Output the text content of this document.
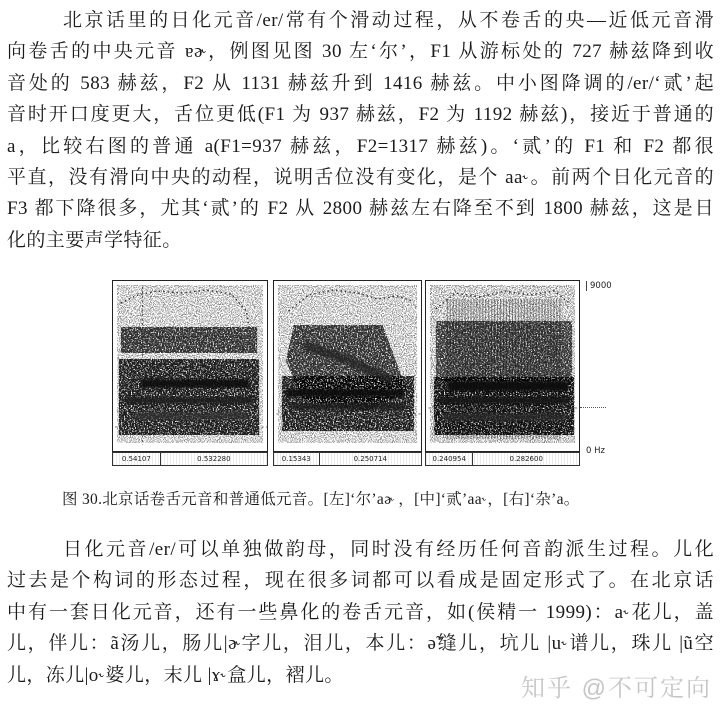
北京话里的日化元音/er/常有个滑动过程，从不卷舌的央—近低元音滑
向卷舌的中央元音 ɐɚ，例图见图 30 左‘尔’，F1 从游标处的 727 赫兹降到收
音处的 583 赫兹，F2 从 1131 赫兹升到 1416 赫兹。中小图降调的/er/‘贰’起
音时开口度更大，舌位更低(F1 为 937 赫兹，F2 为 1192 赫兹)，接近于普通的
a，比较右图的普通 a(F1=937 赫兹，F2=1317 赫兹)。‘贰’的 F1 和 F2 都很
平直，没有滑向中央的动程，说明舌位没有变化，是个 aa˞。前两个日化元音的
F3 都下降很多，尤其‘贰’的 F2 从 2800 赫兹左右降至不到 1800 赫兹，这是日
化的主要声学特征。
0.54107	0.532280	0.15343	0.250714	0.240954	0.282600
9000
0 Hz
图 30.北京话卷舌元音和普通低元音。[左]‘尔’aɚ ，[中]‘贰’aa˞，[右]‘杂’a。
日化元音/er/可以单独做韵母，同时没有经历任何音韵派生过程。儿化
过去是个构词的形态过程，现在很多词都可以看成是固定形式了。在北京话
中有一套日化元音，还有一些鼻化的卷舌元音，如(侯精一 1999)：a˞花儿，盖
儿，伴儿：ã汤儿，肠儿|ɚ字儿，泪儿，本儿：ə̃缝儿，坑儿 |u˞谱儿，珠儿 |ũ空
儿，冻儿|o˞婆儿，末儿 |ɤ˞盒儿，褶儿。	知乎 @不可定向
